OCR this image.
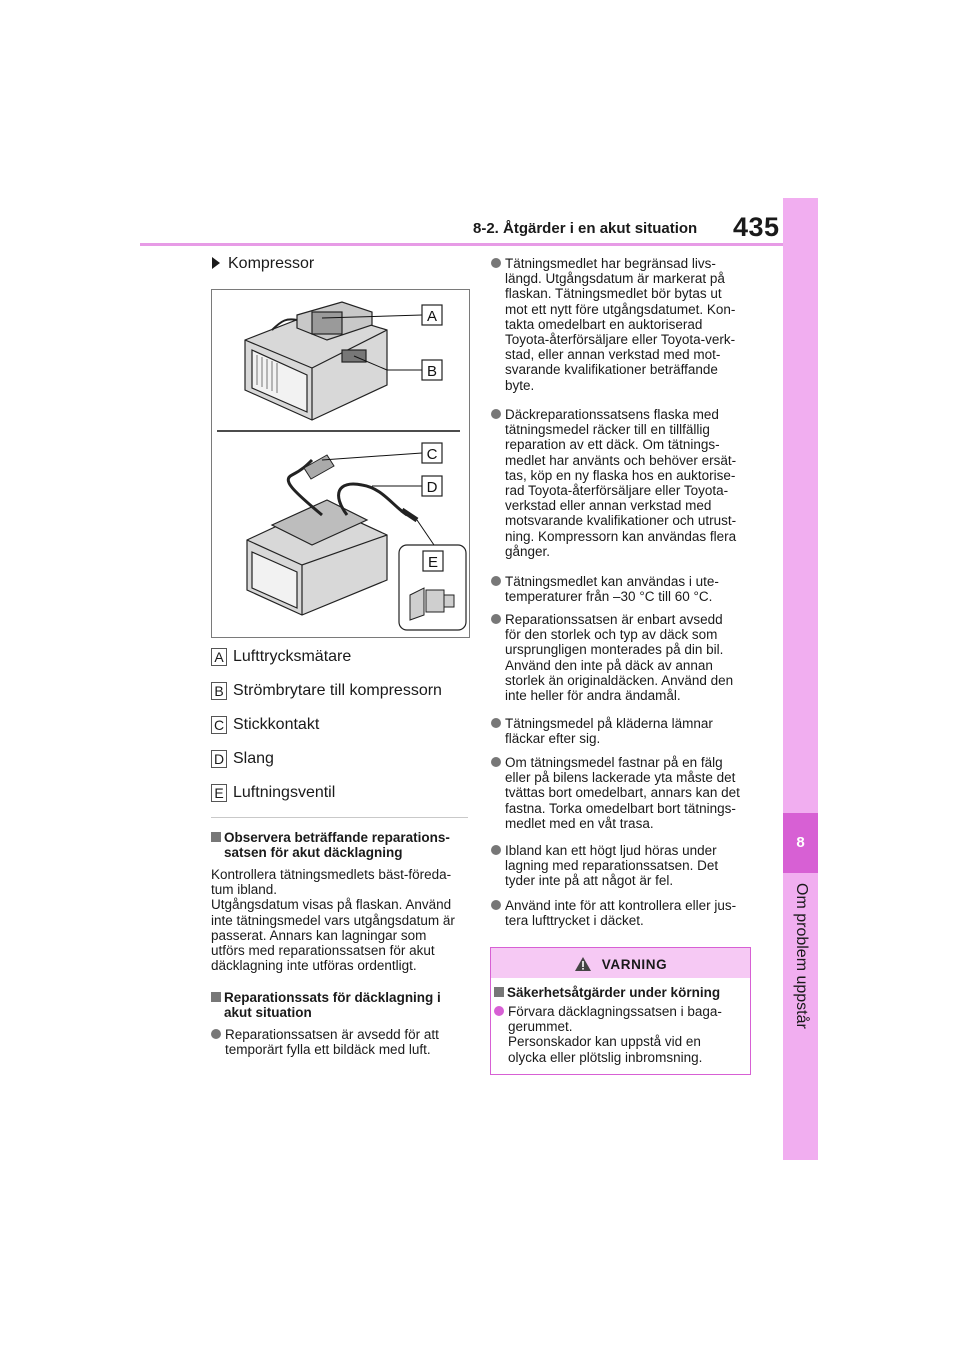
8-2. Åtgärder i en akut situation 435
8
Om problem uppstår
Kompressor
A
B
C
D
E
A Lufttrycksmätare
B Strömbrytare till kompressorn
C Stickkontakt
D Slang
E Luftningsventil
Observera beträffande reparations-
satsen för akut däcklagning
Kontrollera tätningsmedlets bäst-föreda-
tum ibland.
Utgångsdatum visas på flaskan. Använd
inte tätningsmedel vars utgångsdatum är
passerat. Annars kan lagningar som
utförs med reparationssatsen för akut
däcklagning inte utföras ordentligt.
Reparationssats för däcklagning i
akut situation
Reparationssatsen är avsedd för att
temporärt fylla ett bildäck med luft.
Tätningsmedlet har begränsad livs-
längd. Utgångsdatum är markerat på
flaskan. Tätningsmedlet bör bytas ut
mot ett nytt före utgångsdatumet. Kon-
takta omedelbart en auktoriserad
Toyota-återförsäljare eller Toyota-verk-
stad, eller annan verkstad med mot-
svarande kvalifikationer beträffande
byte.
Däckreparationssatsens flaska med
tätningsmedel räcker till en tillfällig
reparation av ett däck. Om tätnings-
medlet har använts och behöver ersät-
tas, köp en ny flaska hos en auktorise-
rad Toyota-återförsäljare eller Toyota-
verkstad eller annan verkstad med
motsvarande kvalifikationer och utrust-
ning. Kompressorn kan användas flera
gånger.
Tätningsmedlet kan användas i ute-
temperaturer från –30 °C till 60 °C.
Reparationssatsen är enbart avsedd
för den storlek och typ av däck som
ursprungligen monterades på din bil.
Använd den inte på däck av annan
storlek än originaldäcken. Använd den
inte heller för andra ändamål.
Tätningsmedel på kläderna lämnar
fläckar efter sig.
Om tätningsmedel fastnar på en fälg
eller på bilens lackerade yta måste det
tvättas bort omedelbart, annars kan det
fastna. Torka omedelbart bort tätnings-
medlet med en våt trasa.
Ibland kan ett högt ljud höras under
lagning med reparationssatsen. Det
tyder inte på att något är fel.
Använd inte för att kontrollera eller jus-
tera lufttrycket i däcket.
VARNING
Säkerhetsåtgärder under körning
Förvara däcklagningssatsen i baga-
gerummet.
Personskador kan uppstå vid en
olycka eller plötslig inbromsning.
